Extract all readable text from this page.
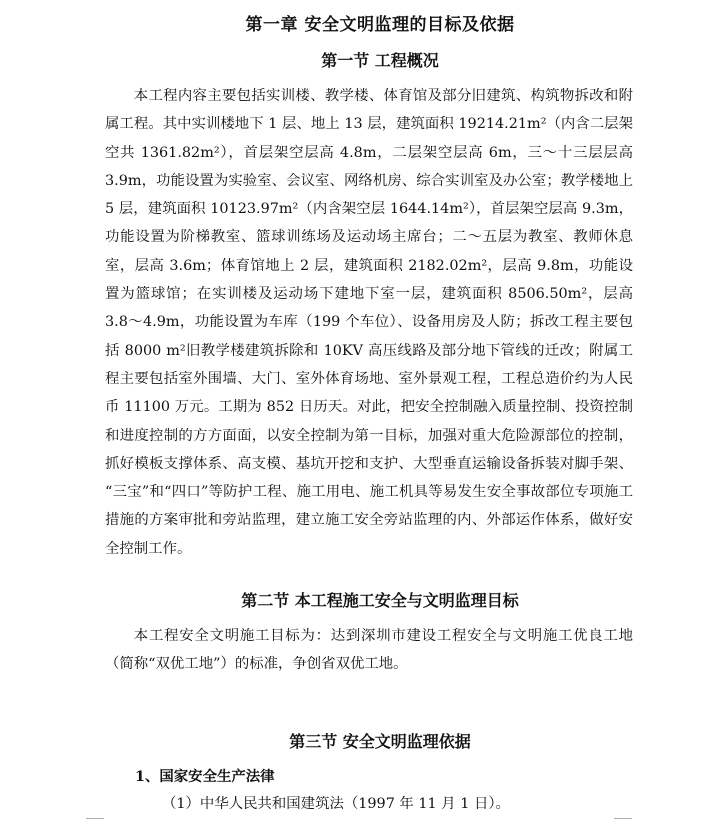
第一章 安全文明监理的目标及依据
第一节 工程概况

本工程内容主要包括实训楼、教学楼、体育馆及部分旧建筑、构筑物拆改和附属工程。其中实训楼地下 1 层、地上 13 层，建筑面积 19214.21m²（内含二层架空共 1361.82m²），首层架空层高 4.8m，二层架空层高 6m，三～十三层层高 3.9m，功能设置为实验室、会议室、网络机房、综合实训室及办公室；教学楼地上 5 层，建筑面积 10123.97m²（内含架空层 1644.14m²），首层架空层高 9.3m，功能设置为阶梯教室、篮球训练场及运动场主席台；二～五层为教室、教师休息室，层高 3.6m；体育馆地上 2 层，建筑面积 2182.02m²，层高 9.8m，功能设置为篮球馆；在实训楼及运动场下建地下室一层，建筑面积 8506.50m²，层高 3.8～4.9m，功能设置为车库（199 个车位）、设备用房及人防；拆改工程主要包括 8000 m²旧教学楼建筑拆除和 10KV 高压线路及部分地下管线的迁改；附属工程主要包括室外围墙、大门、室外体育场地、室外景观工程，工程总造价约为人民币 11100 万元。工期为 852 日历天。对此，把安全控制融入质量控制、投资控制和进度控制的方方面面，以安全控制为第一目标，加强对重大危险源部位的控制，抓好模板支撑体系、高支模、基坑开挖和支护、大型垂直运输设备拆装对脚手架、 “三宝”和“四口”等防护工程、施工用电、施工机具等易发生安全事故部位专项施工措施的方案审批和旁站监理，建立施工安全旁站监理的内、外部运作体系，做好安全控制工作。

第二节 本工程施工安全与文明监理目标

本工程安全文明施工目标为：达到深圳市建设工程安全与文明施工优良工地（简称“双优工地”）的标准，争创省双优工地。

第三节 安全文明监理依据
1、国家安全生产法律
（1）中华人民共和国建筑法（1997 年 11 月 1 日）。
